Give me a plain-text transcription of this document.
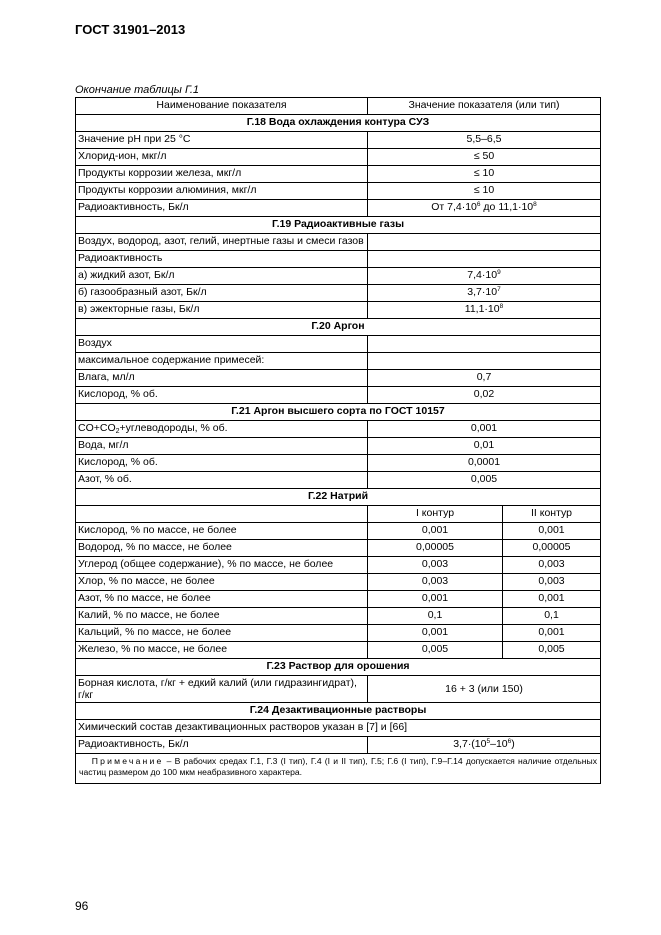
ГОСТ 31901–2013
Окончание таблицы Г.1
Наименование показателя	Значение показателя (или тип)	
Г.18 Вода охлаждения контура СУЗ		
Значение pH при 25 °С	5,5–6,5	
Хлорид-ион, мкг/л	≤ 50	
Продукты коррозии железа, мкг/л	≤ 10	
Продукты коррозии алюминия, мкг/л	≤ 10	
Радиоактивность, Бк/л	От $7,4\cdot 10^6$ до $11,1\cdot 10^8$
Г.19 Радиоактивные газы		
Воздух, водород, азот, гелий, инертные газы и смеси газов		
Радиоактивность		
а) жидкий азот, Бк/л	$7,4\cdot 10^9$
б) газообразный азот, Бк/л	$3,7\cdot 10^7$
в) эжекторные газы, Бк/л	$11,1\cdot 10^8$
Г.20 Аргон		
Воздух		
максимальное содержание примесей:		
Влага, мл/л	0,7	
Кислород, % об.	0,02	
Г.21 Аргон высшего сорта по ГОСТ 10157		
$CO+CO_2+углеводороды$, % об.	0,001	
Вода, мг/л	0,01	
Кислород, % об.	0,0001	
Азот, % об.	0,005	
Г.22 Натрий		
	I контур	II контур
Кислород, % по массе, не более	0,001	0,001
Водород, % по массе, не более	0,00005	0,00005
Углерод (общее содержание), % по массе, не более	0,003	0,003
Хлор, % по массе, не более	0,003	0,003
Азот, % по массе, не более	0,001	0,001
Калий, % по массе, не более	0,1	0,1
Кальций, % по массе, не более	0,001	0,001
Железо, % по массе, не более	0,005	0,005
Г.23 Раствор для орошения		
Борная кислота, г/кг + едкий калий (или гидразингидрат), г/кг	16 + 3 (или 150)	
Г.24 Дезактивационные растворы		
Химический состав дезактивационных растворов указан в [7] и [66]		
Радиоактивность, Бк/л	$3,7\cdot(10^5-10^6)$	
Примечание – В рабочих средах Г.1, Г.3 (I тип), Г.4 (I и II тип), Г.5; Г.6 (I тип), Г.9–Г.14 допускается наличие отдельных частиц размером до 100 мкм неабразивного характера.		
96
